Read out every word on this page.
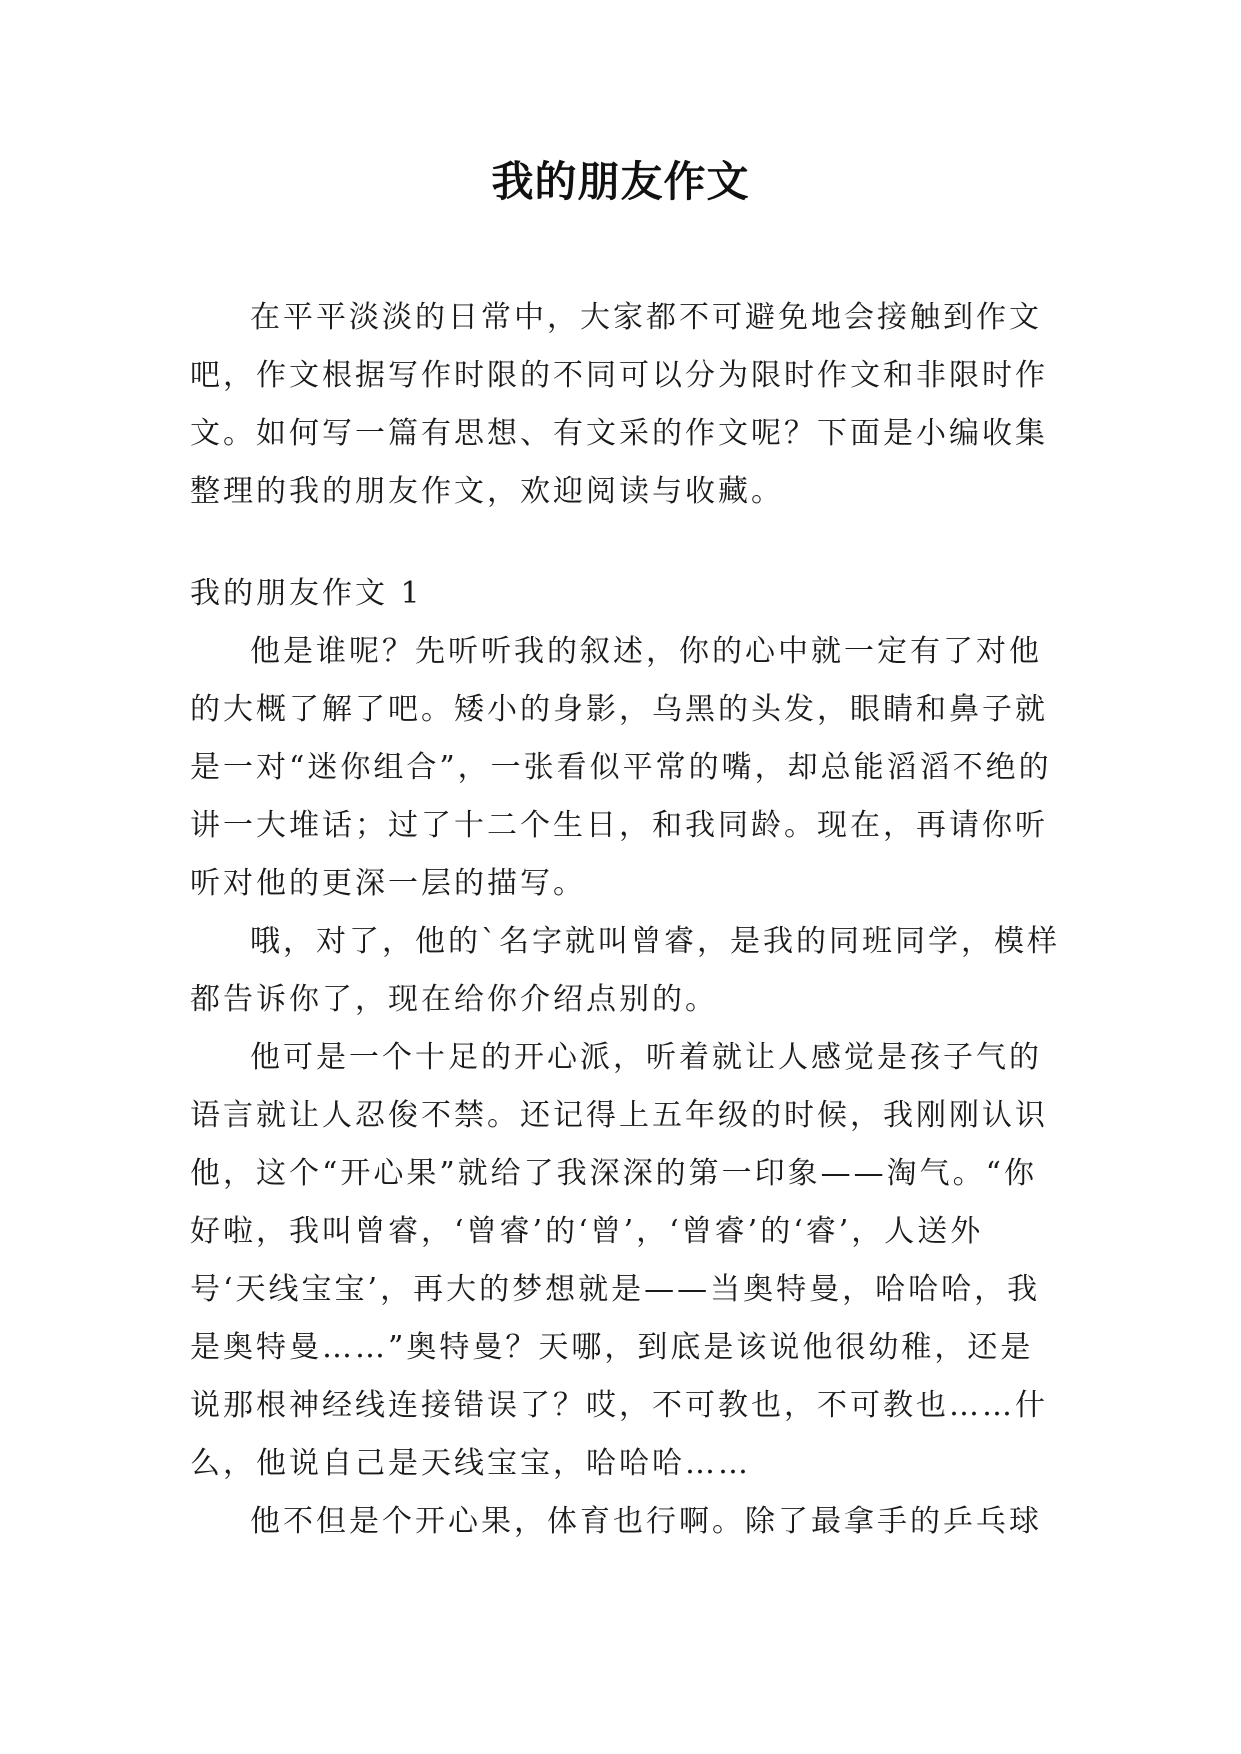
我的朋友作文

在平平淡淡的日常中，大家都不可避免地会接触到作文吧，作文根据写作时限的不同可以分为限时作文和非限时作文。如何写一篇有思想、有文采的作文呢？下面是小编收集整理的我的朋友作文，欢迎阅读与收藏。

我的朋友作文 1

他是谁呢？先听听我的叙述，你的心中就一定有了对他的大概了解了吧。矮小的身影，乌黑的头发，眼睛和鼻子就是一对“迷你组合”，一张看似平常的嘴，却总能滔滔不绝的讲一大堆话；过了十二个生日，和我同龄。现在，再请你听听对他的更深一层的描写。

哦，对了，他的`名字就叫曾睿，是我的同班同学，模样都告诉你了，现在给你介绍点别的。

他可是一个十足的开心派，听着就让人感觉是孩子气的语言就让人忍俊不禁。还记得上五年级的时候，我刚刚认识他，这个“开心果”就给了我深深的第一印象——淘气。“你好啦，我叫曾睿，‘曾睿’的‘曾’，‘曾睿’的‘睿’，人送外号‘天线宝宝’，再大的梦想就是——当奥特曼，哈哈哈，我是奥特曼……”奥特曼？天哪，到底是该说他很幼稚，还是说那根神经线连接错误了？哎，不可教也，不可教也……什么，他说自己是天线宝宝，哈哈哈……

他不但是个开心果，体育也行啊。除了最拿手的乒乓球
